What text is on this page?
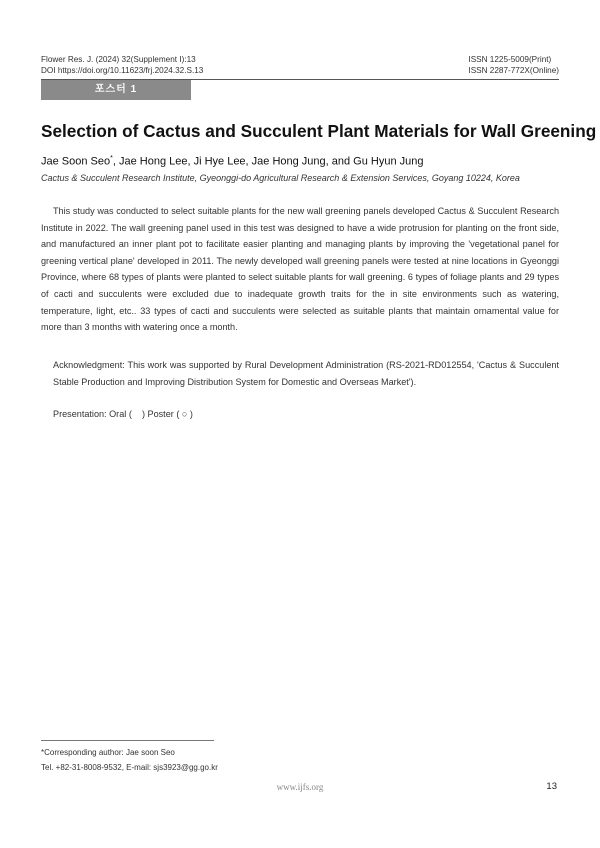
Flower Res. J. (2024) 32(Supplement I):13
DOI https://doi.org/10.11623/frj.2024.32.S.13
ISSN 1225-5009(Print)
ISSN 2287-772X(Online)
포스터 1
Selection of Cactus and Succulent Plant Materials for Wall Greening
Jae Soon Seo*, Jae Hong Lee, Ji Hye Lee, Jae Hong Jung, and Gu Hyun Jung
Cactus & Succulent Research Institute, Gyeonggi-do Agricultural Research & Extension Services, Goyang 10224, Korea

This study was conducted to select suitable plants for the new wall greening panels developed Cactus & Succulent Research Institute in 2022. The wall greening panel used in this test was designed to have a wide protrusion for planting on the front side, and manufactured an inner plant pot to facilitate easier planting and managing plants by improving the 'vegetational panel for greening vertical plane' developed in 2011. The newly developed wall greening panels were tested at nine locations in Gyeonggi Province, where 68 types of plants were planted to select suitable plants for wall greening. 6 types of foliage plants and 29 types of cacti and succulents were excluded due to inadequate growth traits for the in site environments such as watering, temperature, light, etc.. 33 types of cacti and succulents were selected as suitable plants that maintain ornamental value for more than 3 months with watering once a month.

Acknowledgment: This work was supported by Rural Development Administration (RS-2021-RD012554, 'Cactus & Succulent Stable Production and Improving Distribution System for Domestic and Overseas Market').

Presentation: Oral (    ) Poster ( ○ )
*Corresponding author: Jae soon Seo
Tel. +82-31-8008-9532, E-mail: sjs3923@gg.go.kr
www.ijfs.org	13
